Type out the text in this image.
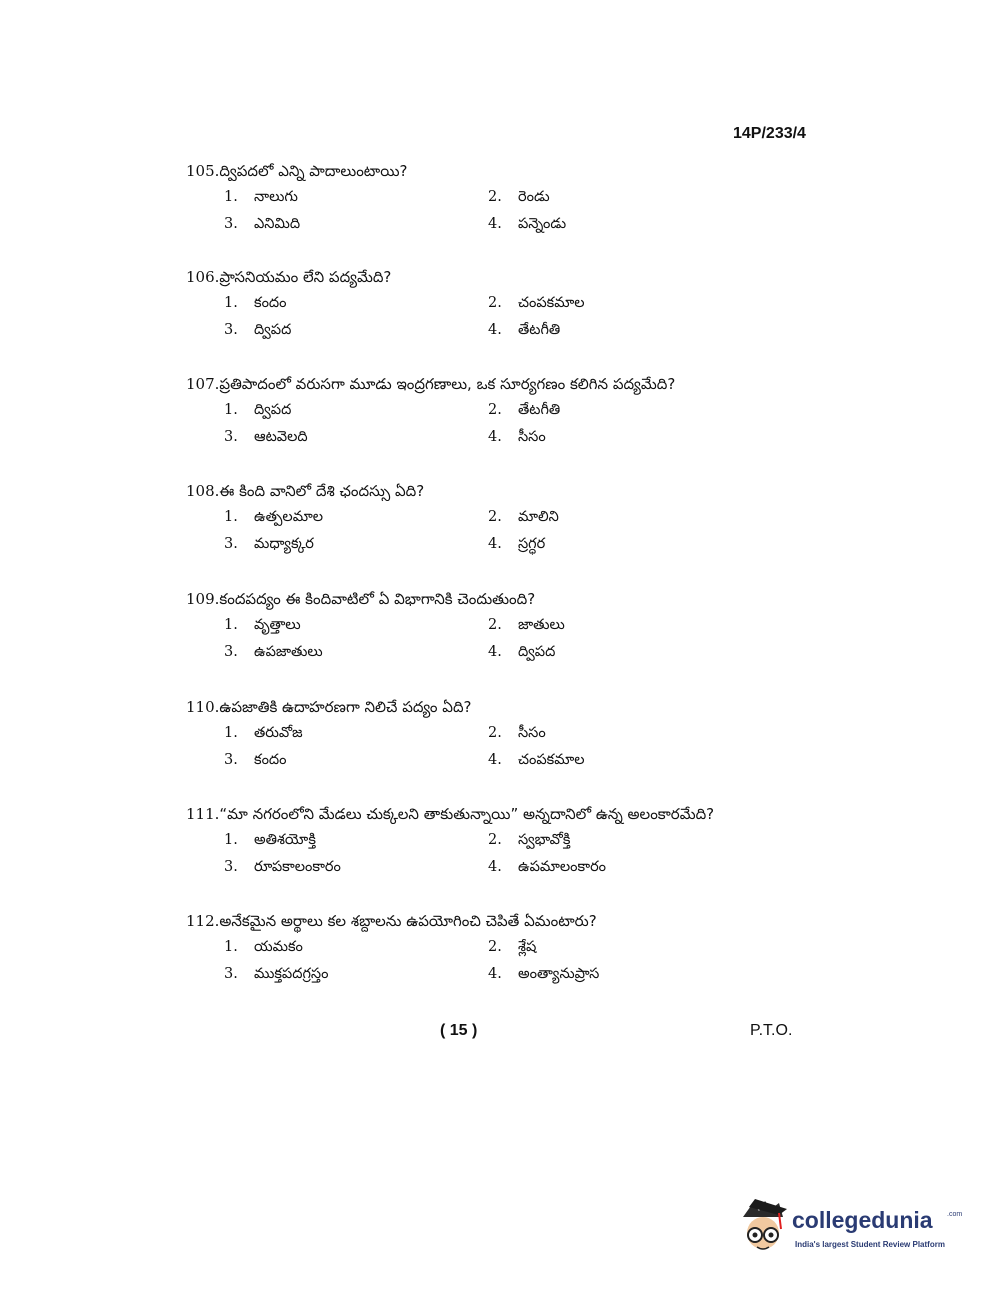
14P/233/4
105.ద్విపదలో ఎన్ని పాదాలుంటాయి?
1. నాలుగు	2. రెండు
3. ఎనిమిది	4. పన్నెండు
106.ప్రాసనియమం లేని పద్యమేది?
1. కందం	2. చంపకమాల
3. ద్విపద	4. తేటగీతి
107.ప్రతిపాదంలో వరుసగా మూడు ఇంద్రగణాలు, ఒక సూర్యగణం కలిగిన పద్యమేది?
1. ద్విపద	2. తేటగీతి
3. ఆటవెలది	4. సీసం
108.ఈ కింది వానిలో దేశి ఛందస్సు ఏది?
1. ఉత్పలమాల	2. మాలిని
3. మధ్యాక్కర	4. స్రగ్ధర
109.కందపద్యం ఈ కిందివాటిలో ఏ విభాగానికి చెందుతుంది?
1. వృత్తాలు	2. జాతులు
3. ఉపజాతులు	4. ద్విపద
110.ఉపజాతికి ఉదాహరణగా నిలిచే పద్యం ఏది?
1. తరువోజ	2. సీసం
3. కందం	4. చంపకమాల
111.“మా నగరంలోని మేడలు చుక్కలని తాకుతున్నాయి” అన్నదానిలో ఉన్న అలంకారమేది?
1. అతిశయోక్తి	2. స్వభావోక్తి
3. రూపకాలంకారం	4. ఉపమాలంకారం
112.అనేకమైన అర్థాలు కల శబ్దాలను ఉపయోగించి చెపితే ఏమంటారు?
1. యమకం	2. శ్లేష
3. ముక్తపదగ్రస్తం	4. అంత్యానుప్రాస
( 15 )	P.T.O.
collegedunia .com
India's largest Student Review Platform
